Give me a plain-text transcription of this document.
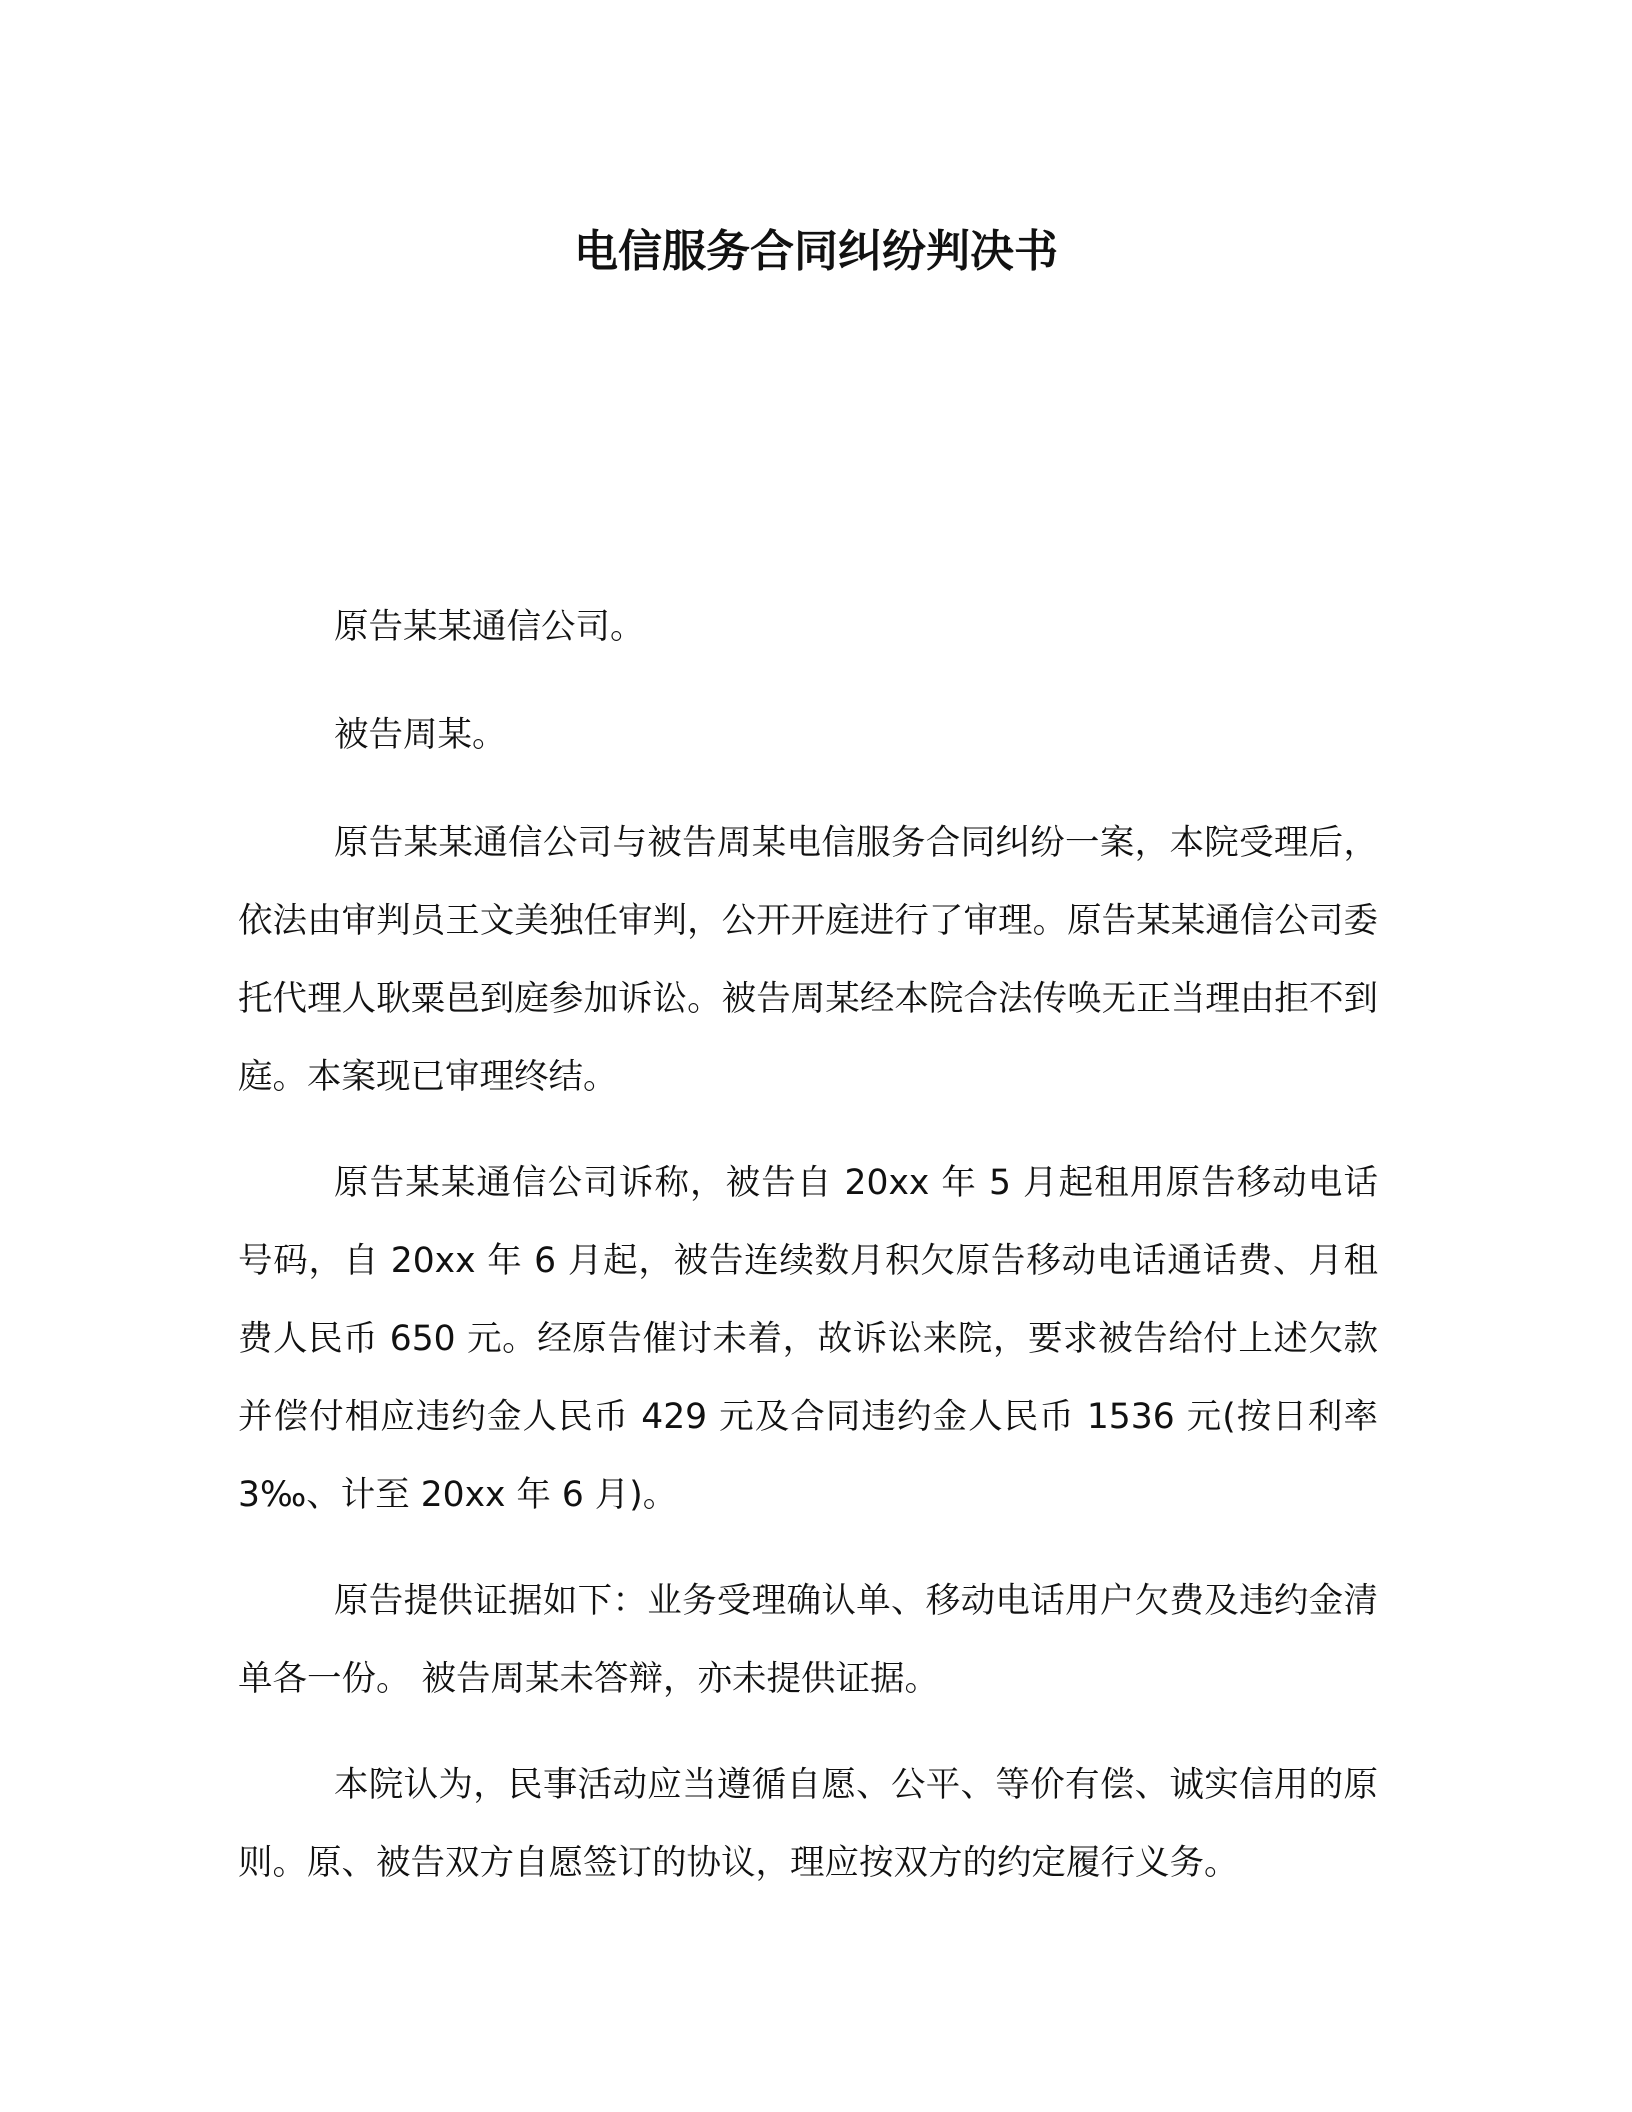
电信服务合同纠纷判决书

原告某某通信公司。

被告周某。

原告某某通信公司与被告周某电信服务合同纠纷一案，本院受理后，依法由审判员王文美独任审判，公开开庭进行了审理。原告某某通信公司委托代理人耿粟邑到庭参加诉讼。被告周某经本院合法传唤无正当理由拒不到庭。本案现已审理终结。

原告某某通信公司诉称，被告自 20xx 年 5 月起租用原告移动电话号码，自 20xx 年 6 月起，被告连续数月积欠原告移动电话通话费、月租费人民币 650 元。经原告催讨未着，故诉讼来院，要求被告给付上述欠款并偿付相应违约金人民币 429 元及合同违约金人民币 1536 元(按日利率 3‰、计至 20xx 年 6 月)。

原告提供证据如下：业务受理确认单、移动电话用户欠费及违约金清单各一份。 被告周某未答辩，亦未提供证据。

本院认为，民事活动应当遵循自愿、公平、等价有偿、诚实信用的原则。原、被告双方自愿签订的协议，理应按双方的约定履行义务。
